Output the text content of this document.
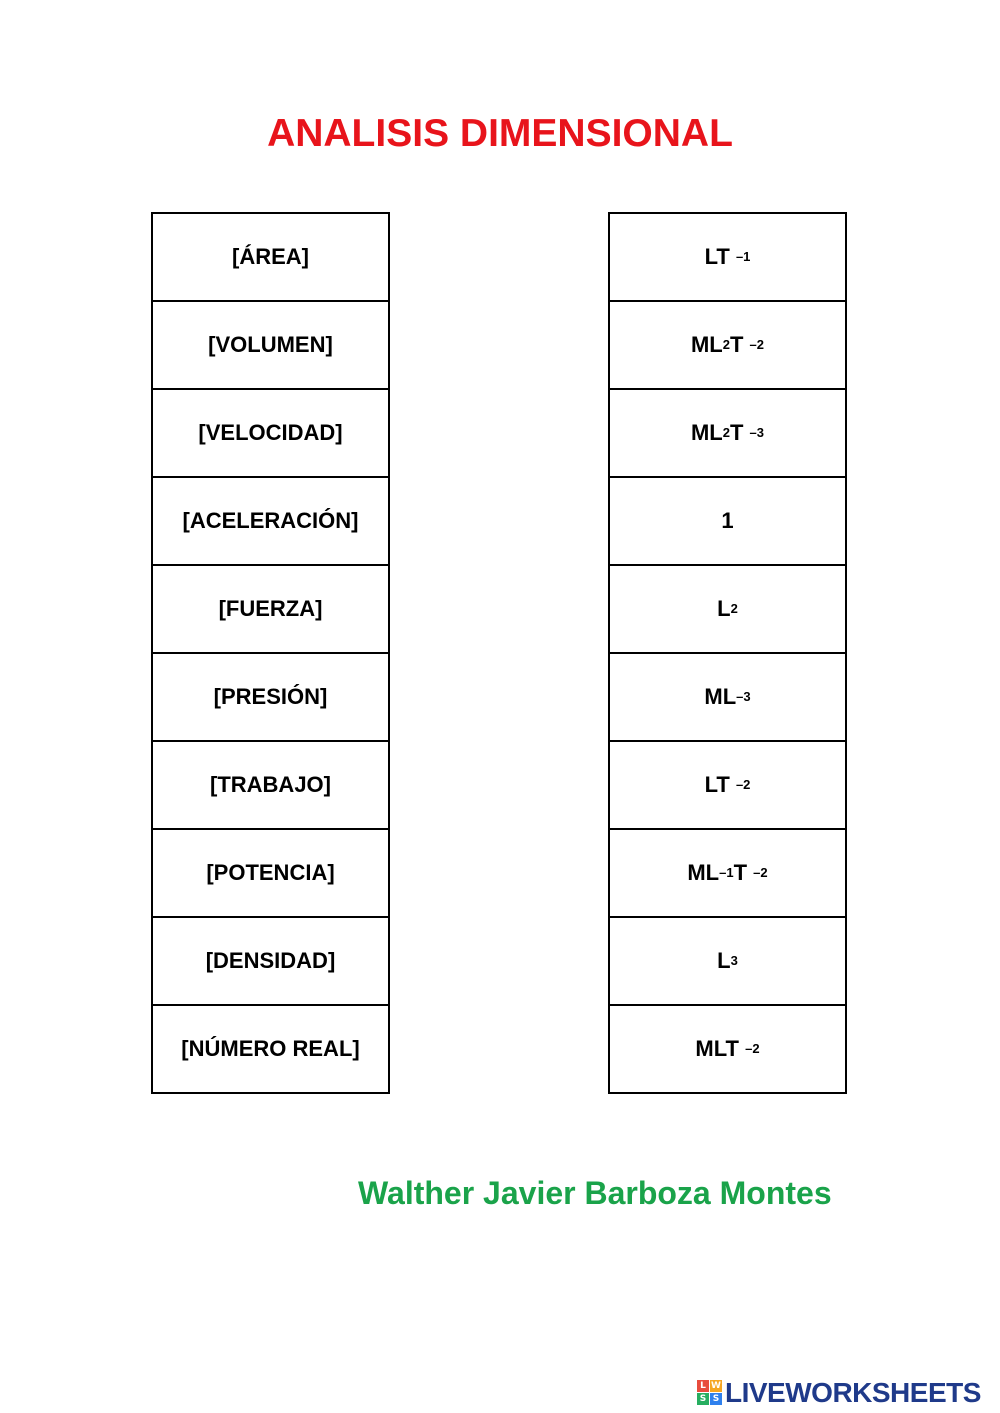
ANALISIS DIMENSIONAL
[ÁREA]
[VOLUMEN]
[VELOCIDAD]
[ACELERACIÓN]
[FUERZA]
[PRESIÓN]
[TRABAJO]
[POTENCIA]
[DENSIDAD]
[NÚMERO REAL]
LT –1
ML 2 T –2
ML 2 T –3
1
L 2
ML –3
LT –2
ML –1 T –2
L 3
MLT –2
Walther Javier Barboza Montes
L W
S S LIVEWORKSHEETS
